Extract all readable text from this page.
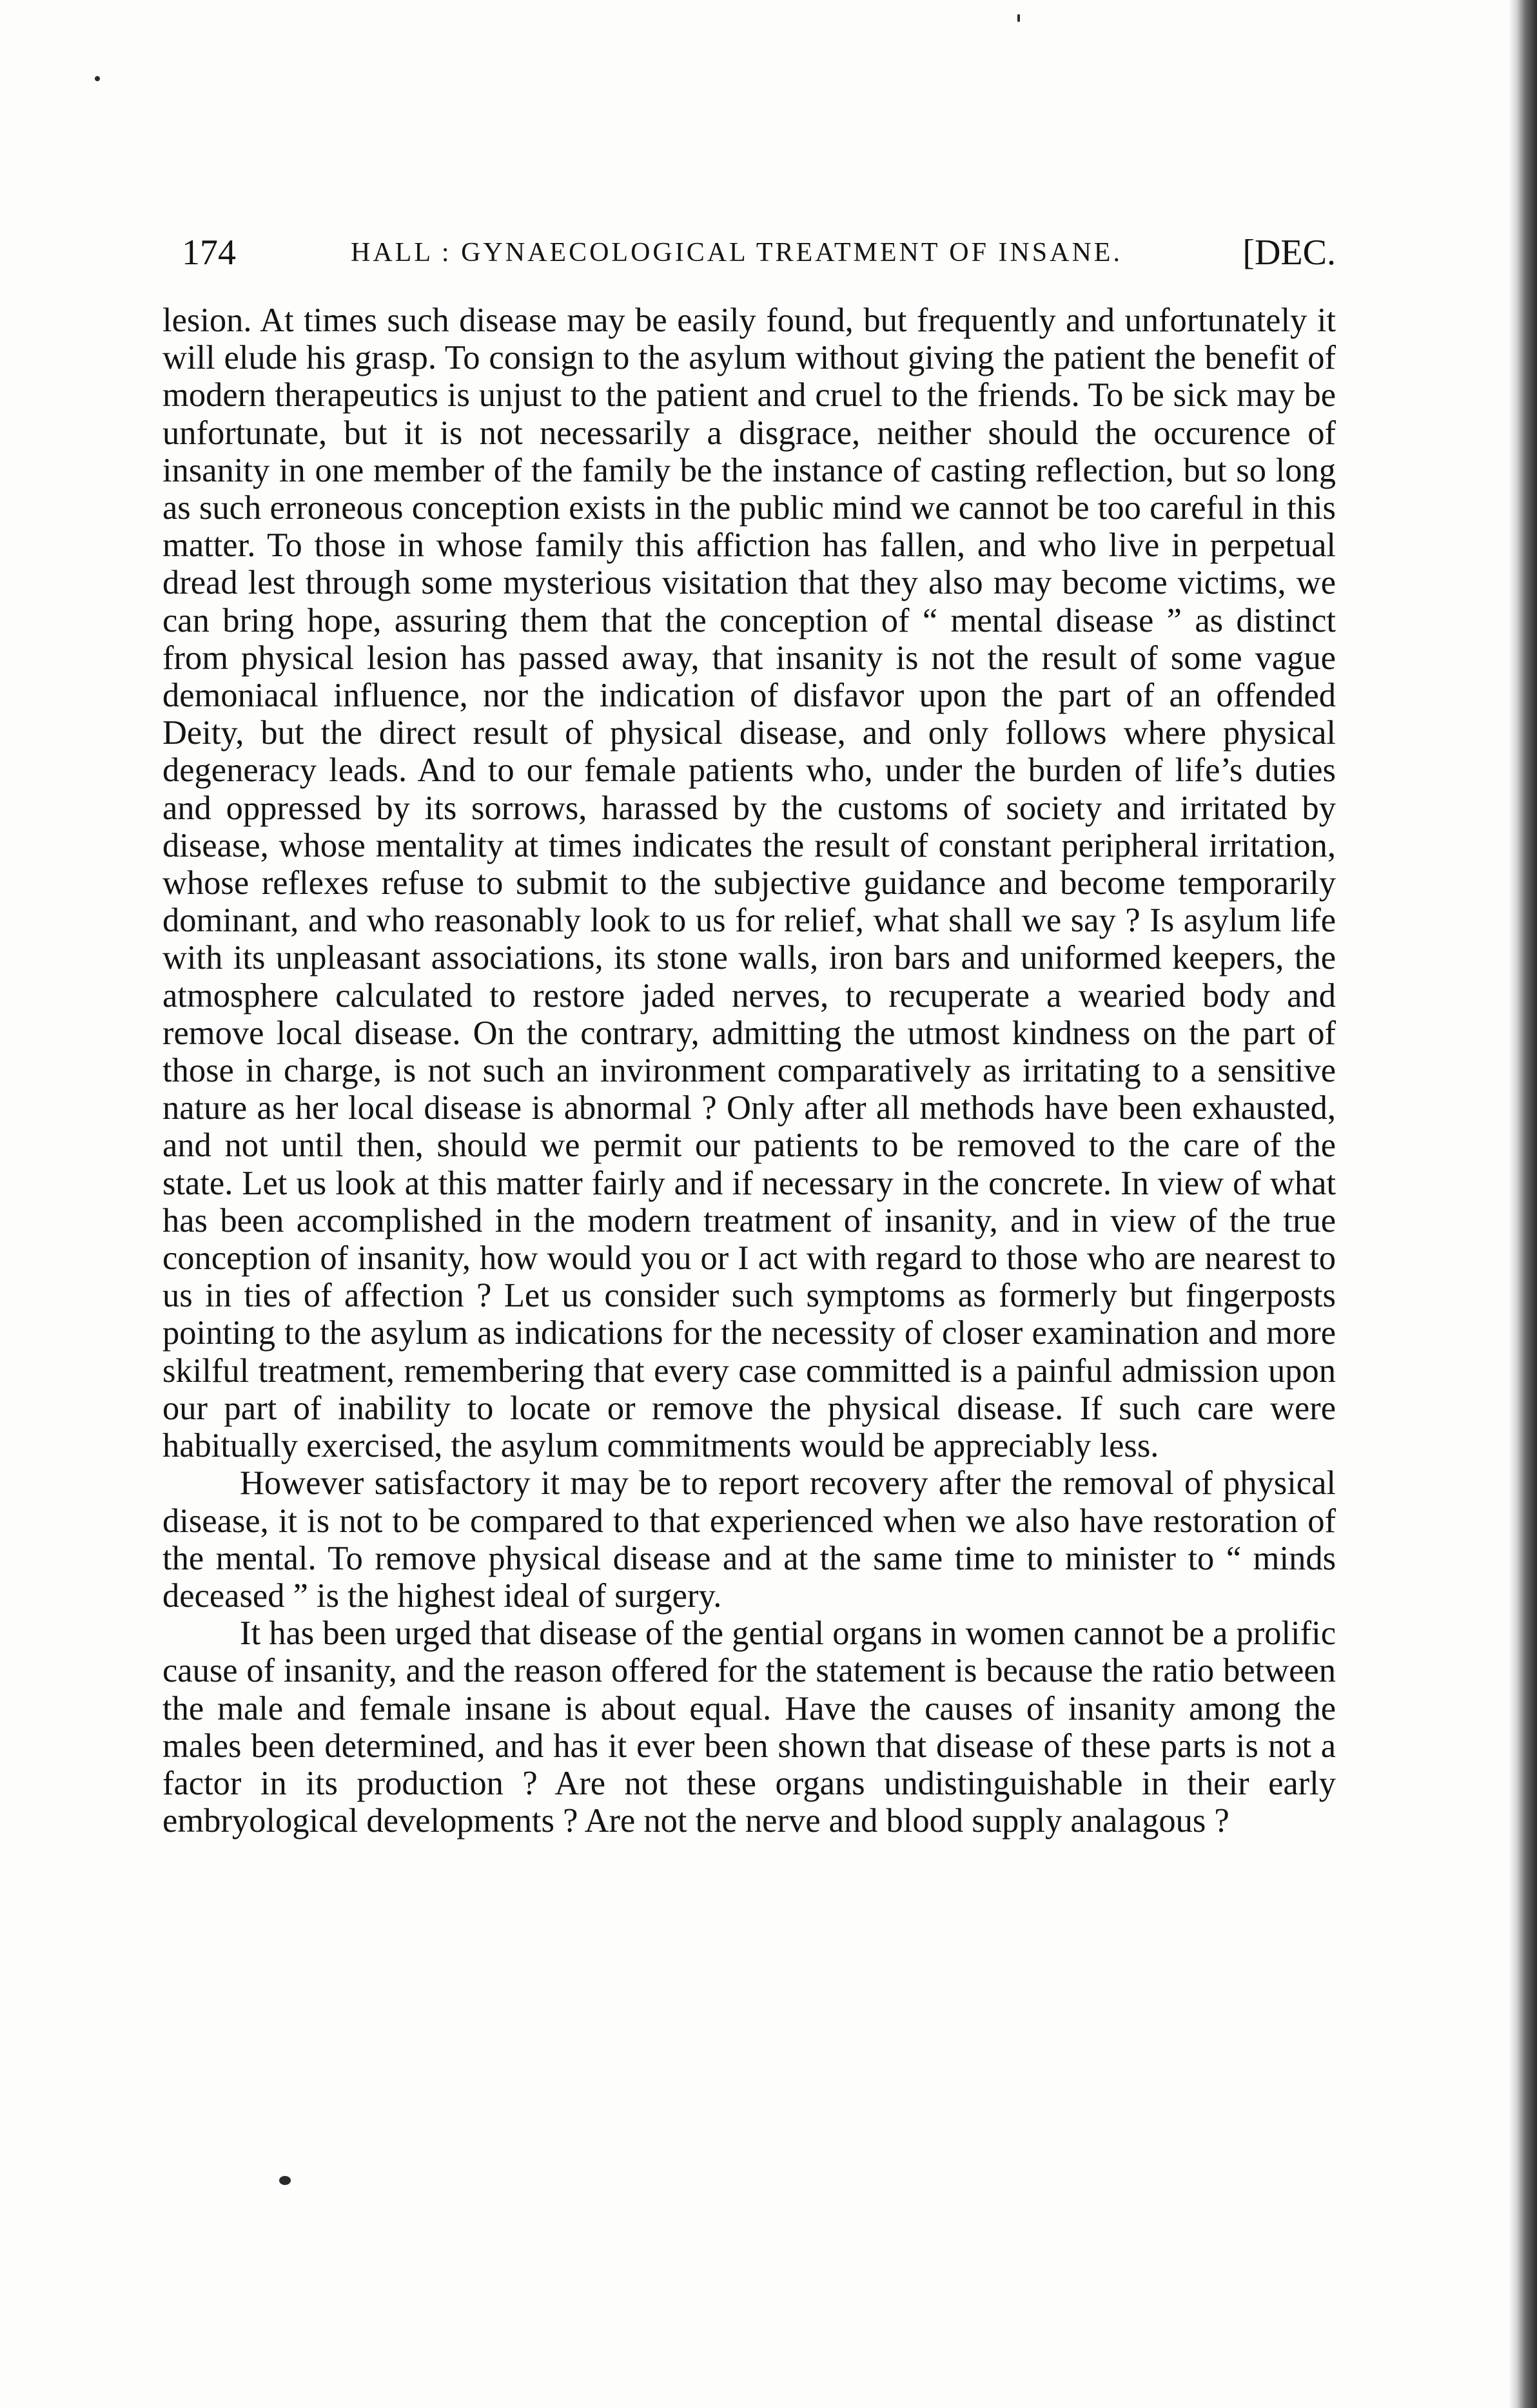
174	HALL : GYNAECOLOGICAL TREATMENT OF INSANE.	[DEC.

lesion. At times such disease may be easily found, but frequently and unfortunately it will elude his grasp. To consign to the asylum without giving the patient the benefit of modern therapeutics is unjust to the patient and cruel to the friends. To be sick may be unfortunate, but it is not necessarily a disgrace, neither should the occurence of insanity in one member of the family be the instance of casting reflection, but so long as such erroneous conception exists in the public mind we cannot be too careful in this matter. To those in whose family this affiction has fallen, and who live in perpetual dread lest through some mysterious visitation that they also may become victims, we can bring hope, assuring them that the conception of “ mental disease ” as distinct from physical lesion has passed away, that insanity is not the result of some vague demoniacal influence, nor the indication of disfavor upon the part of an offended Deity, but the direct result of physical disease, and only follows where physical degeneracy leads. And to our female patients who, under the burden of life’s duties and oppressed by its sorrows, harassed by the customs of society and irritated by disease, whose mentality at times indicates the result of constant peripheral irritation, whose reflexes refuse to submit to the subjective guidance and become temporarily dominant, and who reasonably look to us for relief, what shall we say ? Is asylum life with its unpleasant associations, its stone walls, iron bars and uniformed keepers, the atmosphere calculated to restore jaded nerves, to recuperate a wearied body and remove local disease. On the contrary, admitting the utmost kindness on the part of those in charge, is not such an invironment comparatively as irritating to a sensitive nature as her local disease is abnormal ? Only after all methods have been exhausted, and not until then, should we permit our patients to be removed to the care of the state. Let us look at this matter fairly and if necessary in the concrete. In view of what has been accomplished in the modern treatment of insanity, and in view of the true conception of insanity, how would you or I act with regard to those who are nearest to us in ties of affection ? Let us consider such symptoms as formerly but fingerposts pointing to the asylum as indications for the necessity of closer examination and more skilful treatment, remembering that every case committed is a painful admission upon our part of inability to locate or remove the physical disease. If such care were habitually exercised, the asylum commitments would be appreciably less.

However satisfactory it may be to report recovery after the removal of physical disease, it is not to be compared to that experienced when we also have restoration of the mental. To remove physical disease and at the same time to minister to “ minds deceased ” is the highest ideal of surgery.

It has been urged that disease of the gential organs in women cannot be a prolific cause of insanity, and the reason offered for the statement is because the ratio between the male and female insane is about equal. Have the causes of insanity among the males been determined, and has it ever been shown that disease of these parts is not a factor in its production ? Are not these organs undistinguishable in their early embryological developments ? Are not the nerve and blood supply analagous ?
